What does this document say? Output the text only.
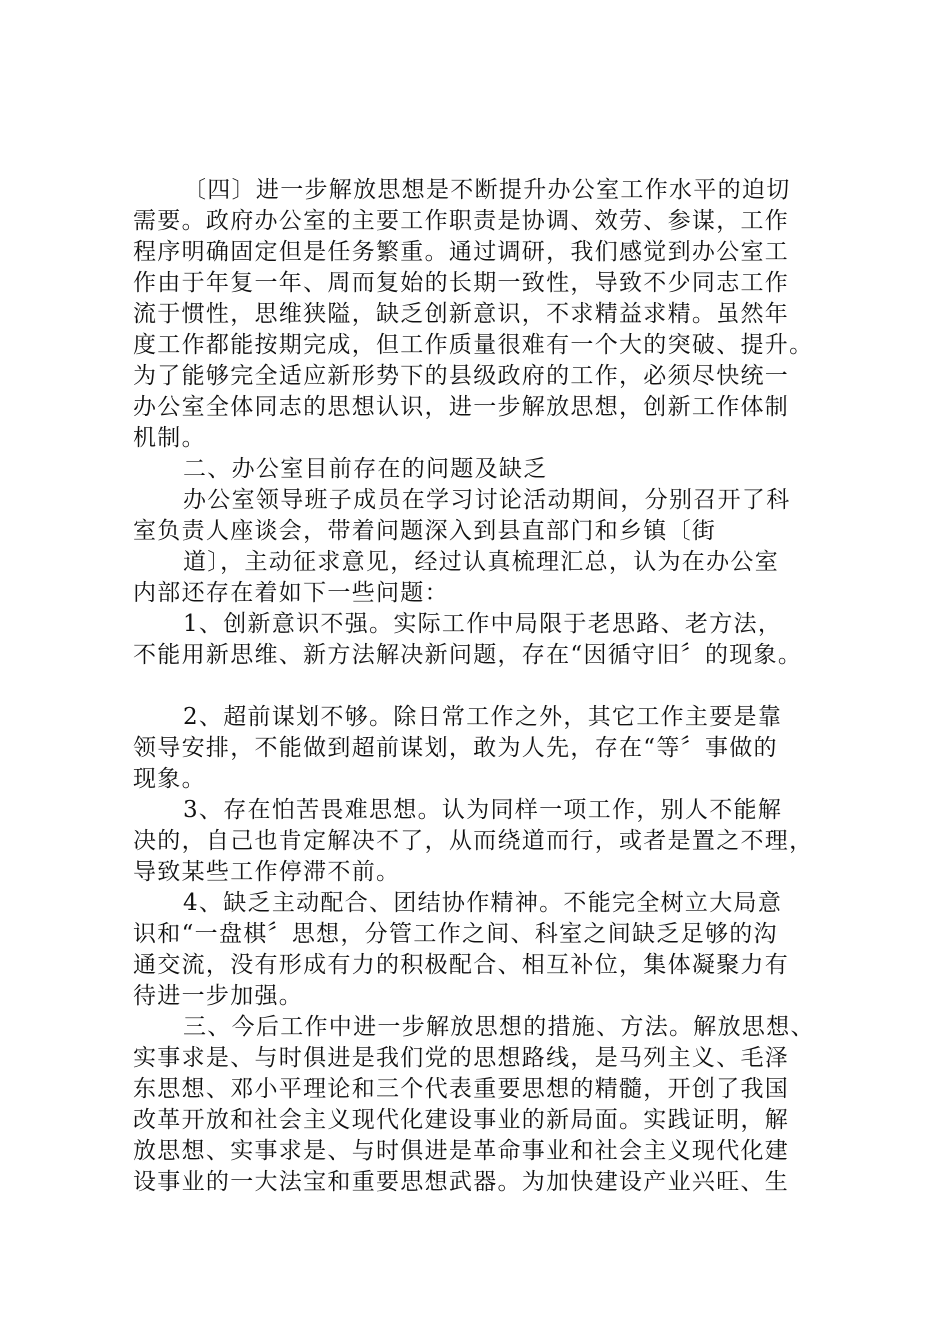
〔四〕进一步解放思想是不断提升办公室工作水平的迫切
需要。政府办公室的主要工作职责是协调、效劳、参谋，工作
程序明确固定但是任务繁重。通过调研，我们感觉到办公室工
作由于年复一年、周而复始的长期一致性，导致不少同志工作
流于惯性，思维狭隘，缺乏创新意识，不求精益求精。虽然年
度工作都能按期完成，但工作质量很难有一个大的突破、提升。
为了能够完全适应新形势下的县级政府的工作，必须尽快统一
办公室全体同志的思想认识，进一步解放思想，创新工作体制
机制。
二、办公室目前存在的问题及缺乏
办公室领导班子成员在学习讨论活动期间，分别召开了科
室负责人座谈会，带着问题深入到县直部门和乡镇〔街
道〕，主动征求意见，经过认真梳理汇总，认为在办公室
内部还存在着如下一些问题：
1、创新意识不强。实际工作中局限于老思路、老方法，
不能用新思维、新方法解决新问题，存在“因循守旧〞的现象。
2、超前谋划不够。除日常工作之外，其它工作主要是靠
领导安排，不能做到超前谋划，敢为人先，存在“等〞事做的
现象。
3、存在怕苦畏难思想。认为同样一项工作，别人不能解
决的，自己也肯定解决不了，从而绕道而行，或者是置之不理，
导致某些工作停滞不前。
4、缺乏主动配合、团结协作精神。不能完全树立大局意
识和“一盘棋〞思想，分管工作之间、科室之间缺乏足够的沟
通交流，没有形成有力的积极配合、相互补位，集体凝聚力有
待进一步加强。
三、今后工作中进一步解放思想的措施、方法。解放思想、
实事求是、与时俱进是我们党的思想路线，是马列主义、毛泽
东思想、邓小平理论和三个代表重要思想的精髓，开创了我国
改革开放和社会主义现代化建设事业的新局面。实践证明，解
放思想、实事求是、与时俱进是革命事业和社会主义现代化建
设事业的一大法宝和重要思想武器。为加快建设产业兴旺、生
